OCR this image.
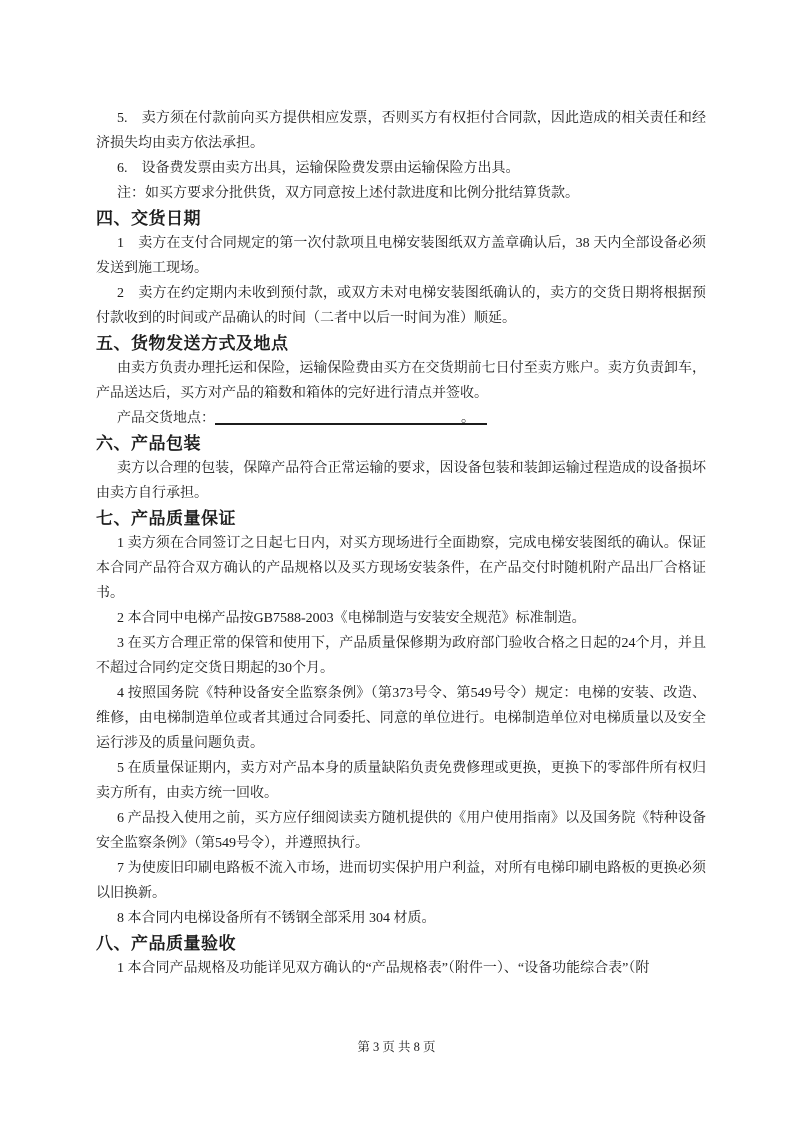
5.　卖方须在付款前向买方提供相应发票，否则买方有权拒付合同款，因此造成的相关责任和经济损失均由卖方依法承担。

6.　设备费发票由卖方出具，运输保险费发票由运输保险方出具。

注：如买方要求分批供货，双方同意按上述付款进度和比例分批结算货款。

四、交货日期

1　卖方在支付合同规定的第一次付款项且电梯安装图纸双方盖章确认后，38 天内全部设备必须发送到施工现场。

2　卖方在约定期内未收到预付款，或双方未对电梯安装图纸确认的，卖方的交货日期将根据预付款收到的时间或产品确认的时间（二者中以后一时间为准）顺延。

五、货物发送方式及地点

由卖方负责办理托运和保险，运输保险费由买方在交货期前七日付至卖方账户。卖方负责卸车，产品送达后，买方对产品的箱数和箱体的完好进行清点并签收。

产品交货地点：	。

六、产品包装

卖方以合理的包装，保障产品符合正常运输的要求，因设备包装和装卸运输过程造成的设备损坏由卖方自行承担。

七、产品质量保证

1 卖方须在合同签订之日起七日内，对买方现场进行全面勘察，完成电梯安装图纸的确认。保证本合同产品符合双方确认的产品规格以及买方现场安装条件，在产品交付时随机附产品出厂合格证书。

2 本合同中电梯产品按GB7588-2003《电梯制造与安装安全规范》标准制造。

3 在买方合理正常的保管和使用下，产品质量保修期为政府部门验收合格之日起的24个月，并且不超过合同约定交货日期起的30个月。

4 按照国务院《特种设备安全监察条例》（第373号令、第549号令）规定：电梯的安装、改造、维修，由电梯制造单位或者其通过合同委托、同意的单位进行。电梯制造单位对电梯质量以及安全运行涉及的质量问题负责。

5 在质量保证期内，卖方对产品本身的质量缺陷负责免费修理或更换，更换下的零部件所有权归卖方所有，由卖方统一回收。

6 产品投入使用之前，买方应仔细阅读卖方随机提供的《用户使用指南》以及国务院《特种设备安全监察条例》（第549号令），并遵照执行。

7 为使废旧印刷电路板不流入市场，进而切实保护用户利益，对所有电梯印刷电路板的更换必须以旧换新。

8 本合同内电梯设备所有不锈钢全部采用 304 材质。

八、产品质量验收

1 本合同产品规格及功能详见双方确认的“产品规格表”（附件一）、“设备功能综合表”（附

第 3 页 共 8 页
